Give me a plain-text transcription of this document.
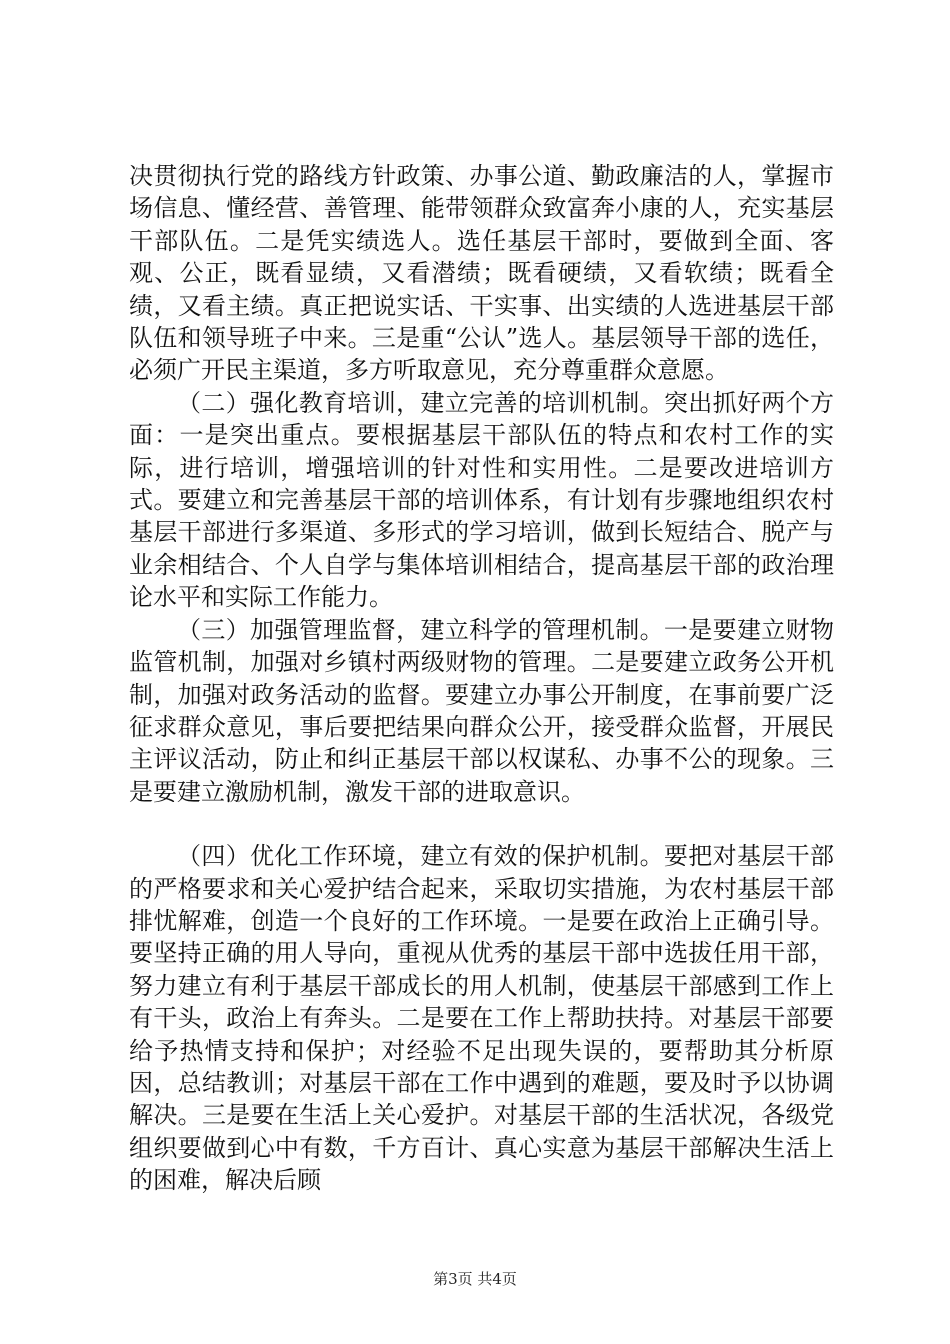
决贯彻执行党的路线方针政策、办事公道、勤政廉洁的人，掌握市场信息、懂经营、善管理、能带领群众致富奔小康的人，充实基层干部队伍。二是凭实绩选人。选任基层干部时，要做到全面、客观、公正，既看显绩，又看潜绩；既看硬绩，又看软绩；既看全绩，又看主绩。真正把说实话、干实事、出实绩的人选进基层干部队伍和领导班子中来。三是重“公认”选人。基层领导干部的选任，必须广开民主渠道，多方听取意见，充分尊重群众意愿。

（二）强化教育培训，建立完善的培训机制。突出抓好两个方面：一是突出重点。要根据基层干部队伍的特点和农村工作的实际，进行培训，增强培训的针对性和实用性。二是要改进培训方式。要建立和完善基层干部的培训体系，有计划有步骤地组织农村基层干部进行多渠道、多形式的学习培训，做到长短结合、脱产与业余相结合、个人自学与集体培训相结合，提高基层干部的政治理论水平和实际工作能力。

（三）加强管理监督，建立科学的管理机制。一是要建立财物监管机制，加强对乡镇村两级财物的管理。二是要建立政务公开机制，加强对政务活动的监督。要建立办事公开制度，在事前要广泛征求群众意见，事后要把结果向群众公开，接受群众监督，开展民主评议活动，防止和纠正基层干部以权谋私、办事不公的现象。三是要建立激励机制，激发干部的进取意识。

（四）优化工作环境，建立有效的保护机制。要把对基层干部的严格要求和关心爱护结合起来，采取切实措施，为农村基层干部排忧解难，创造一个良好的工作环境。一是要在政治上正确引导。要坚持正确的用人导向，重视从优秀的基层干部中选拔任用干部，努力建立有利于基层干部成长的用人机制，使基层干部感到工作上有干头，政治上有奔头。二是要在工作上帮助扶持。对基层干部要给予热情支持和保护；对经验不足出现失误的，要帮助其分析原因，总结教训；对基层干部在工作中遇到的难题，要及时予以协调解决。三是要在生活上关心爱护。对基层干部的生活状况，各级党组织要做到心中有数，千方百计、真心实意为基层干部解决生活上的困难，解决后顾

第3页 共4页
